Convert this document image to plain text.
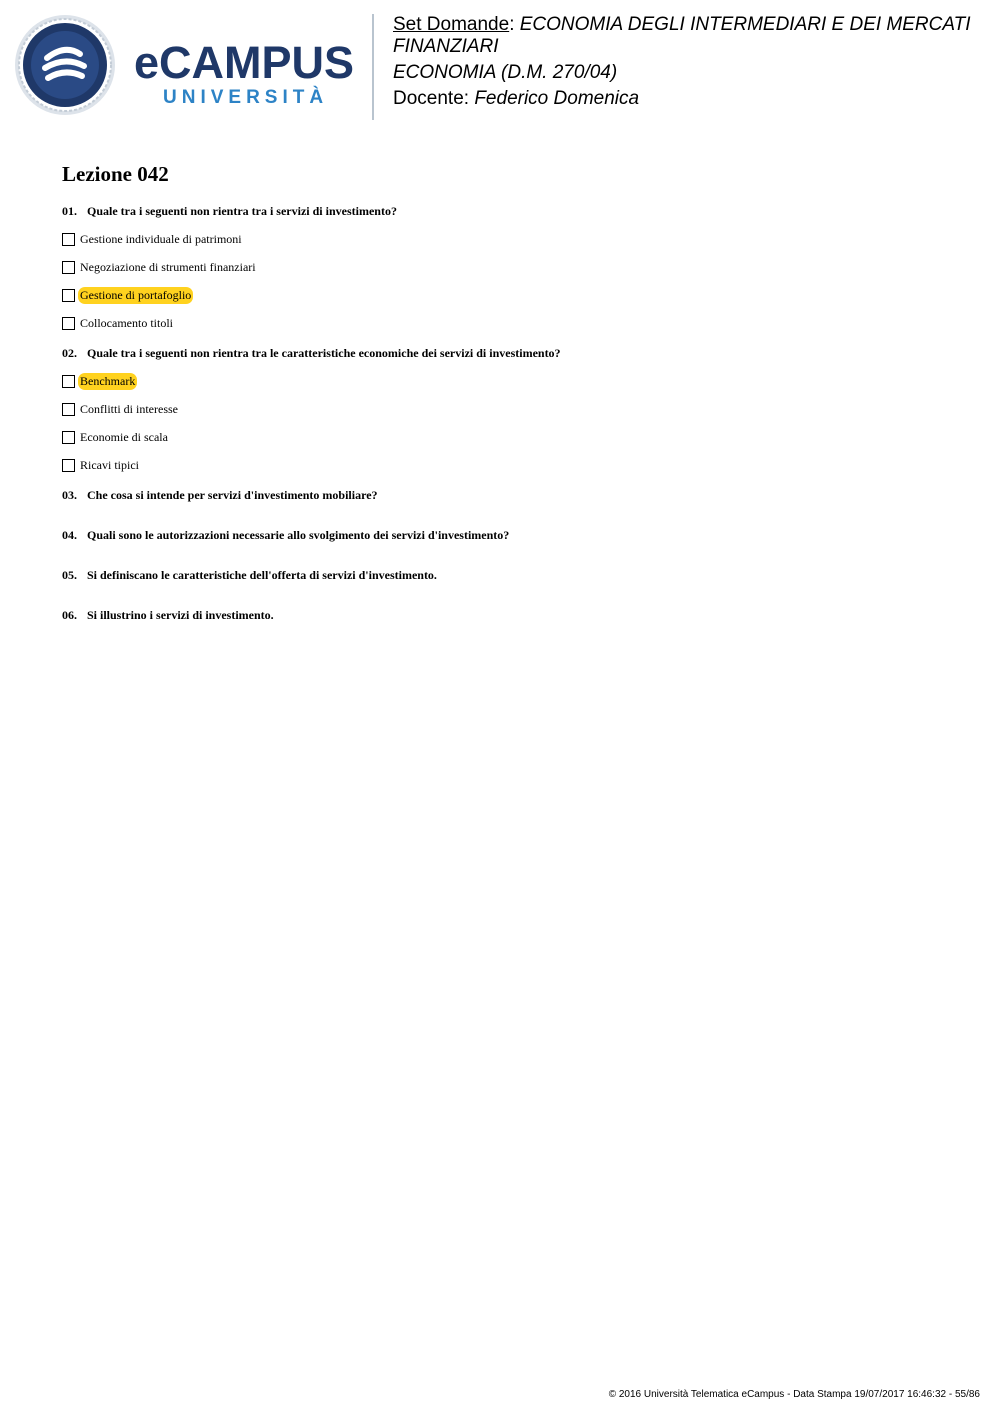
eCAMPUS
UNIVERSITÀ
Set Domande: ECONOMIA DEGLI INTERMEDIARI E DEI MERCATI FINANZIARI
ECONOMIA (D.M. 270/04)
Docente: Federico Domenica
Lezione 042
01. Quale tra i seguenti non rientra tra i servizi di investimento?
Gestione individuale di patrimoni
Negoziazione di strumenti finanziari
Gestione di portafoglio
Collocamento titoli
02. Quale tra i seguenti non rientra tra le caratteristiche economiche dei servizi di investimento?
Benchmark
Conflitti di interesse
Economie di scala
Ricavi tipici
03. Che cosa si intende per servizi d'investimento mobiliare?
04. Quali sono le autorizzazioni necessarie allo svolgimento dei servizi d'investimento?
05. Si definiscano le caratteristiche dell'offerta di servizi d'investimento.
06. Si illustrino i servizi di investimento.
© 2016 Università Telematica eCampus - Data Stampa 19/07/2017 16:46:32 - 55/86
